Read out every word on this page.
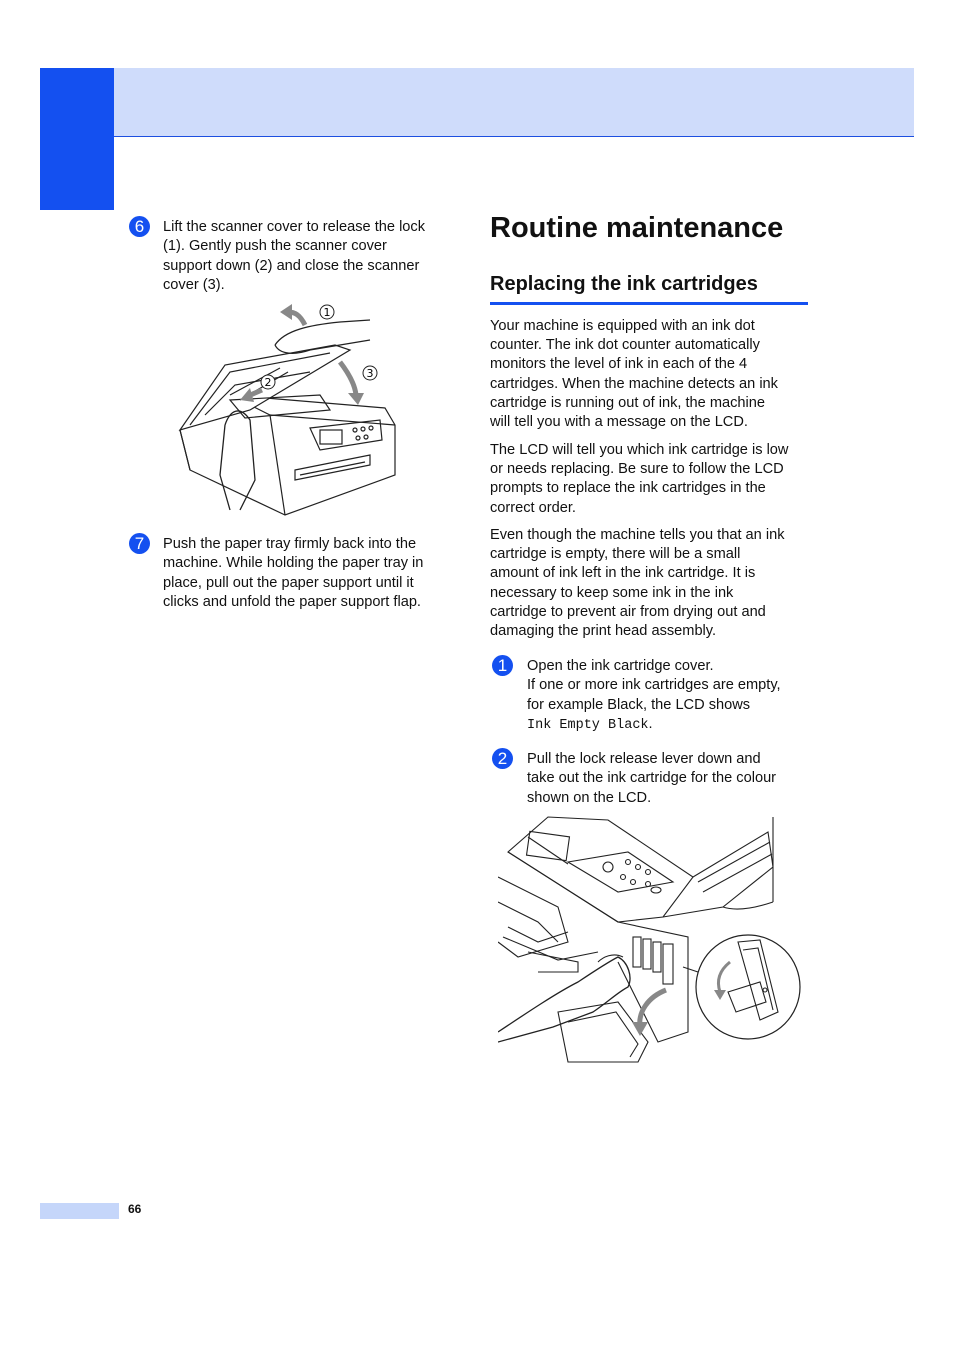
6	Lift the scanner cover to release the lock
(1). Gently push the scanner cover
support down (2) and close the scanner
cover (3).
1
2
3
7	Push the paper tray firmly back into the
machine. While holding the paper tray in
place, pull out the paper support until it
clicks and unfold the paper support flap.
Routine maintenance
Replacing the ink cartridges
Your machine is equipped with an ink dot
counter. The ink dot counter automatically
monitors the level of ink in each of the 4
cartridges. When the machine detects an ink
cartridge is running out of ink, the machine
will tell you with a message on the LCD.
The LCD will tell you which ink cartridge is low
or needs replacing. Be sure to follow the LCD
prompts to replace the ink cartridges in the
correct order.
Even though the machine tells you that an ink
cartridge is empty, there will be a small
amount of ink left in the ink cartridge. It is
necessary to keep some ink in the ink
cartridge to prevent air from drying out and
damaging the print head assembly.
1	Open the ink cartridge cover.
If one or more ink cartridges are empty,
for example Black, the LCD shows
Ink Empty Black.
2	Pull the lock release lever down and
take out the ink cartridge for the colour
shown on the LCD.
66
